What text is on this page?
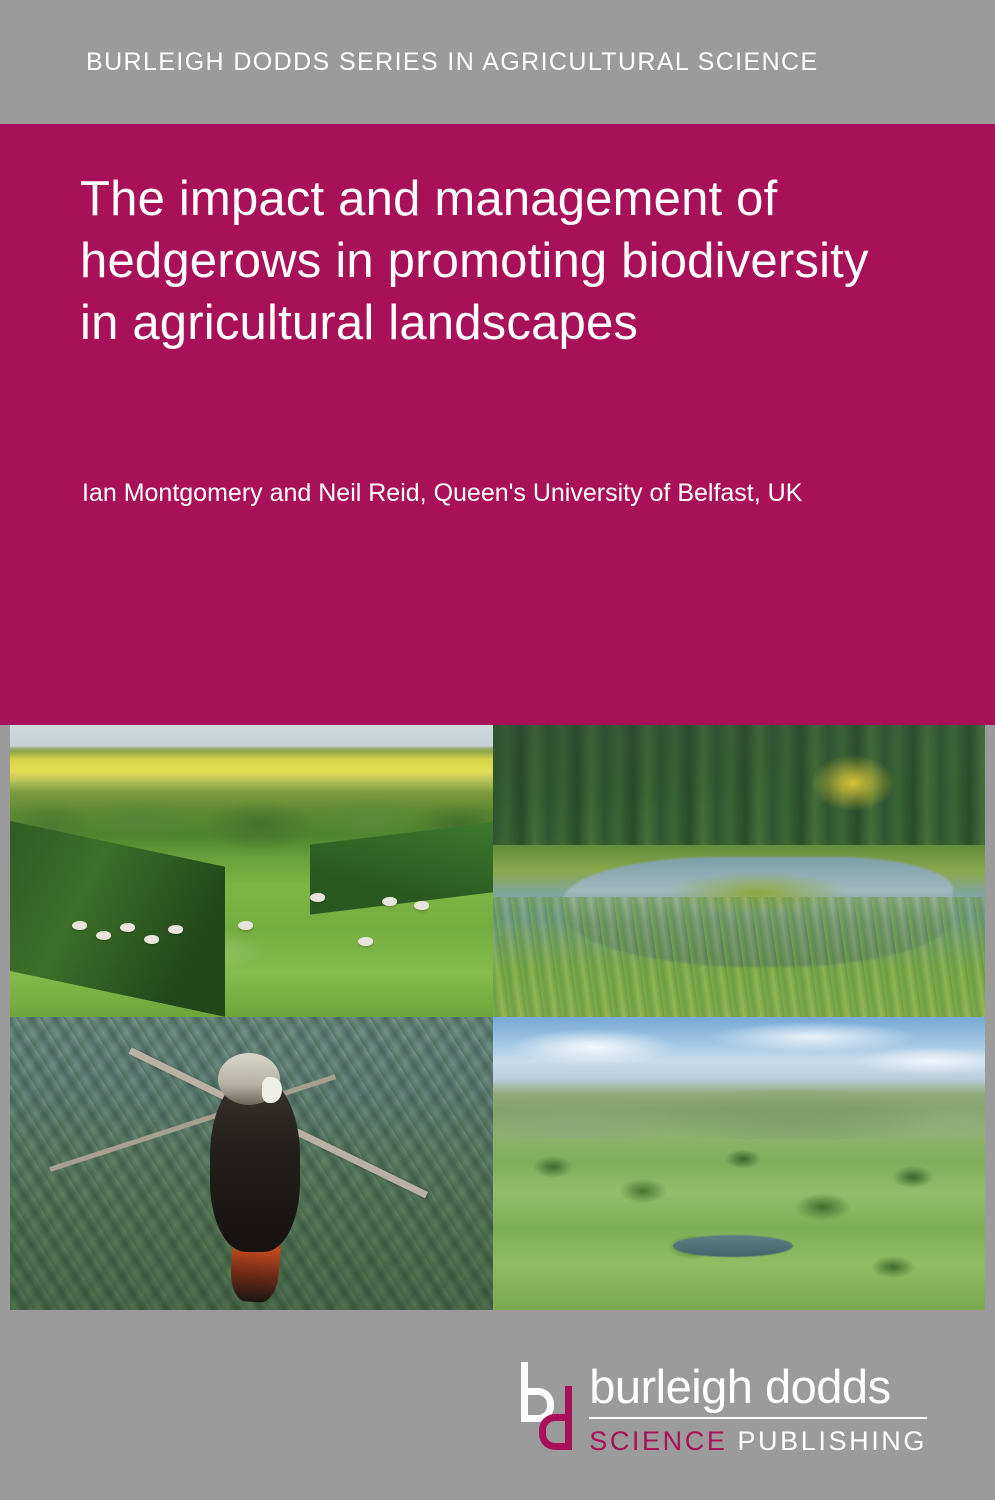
BURLEIGH DODDS SERIES IN AGRICULTURAL SCIENCE
The impact and management of hedgerows in promoting biodiversity in agricultural landscapes
Ian Montgomery and Neil Reid, Queen's University of Belfast, UK
burleigh dodds
SCIENCE PUBLISHING
